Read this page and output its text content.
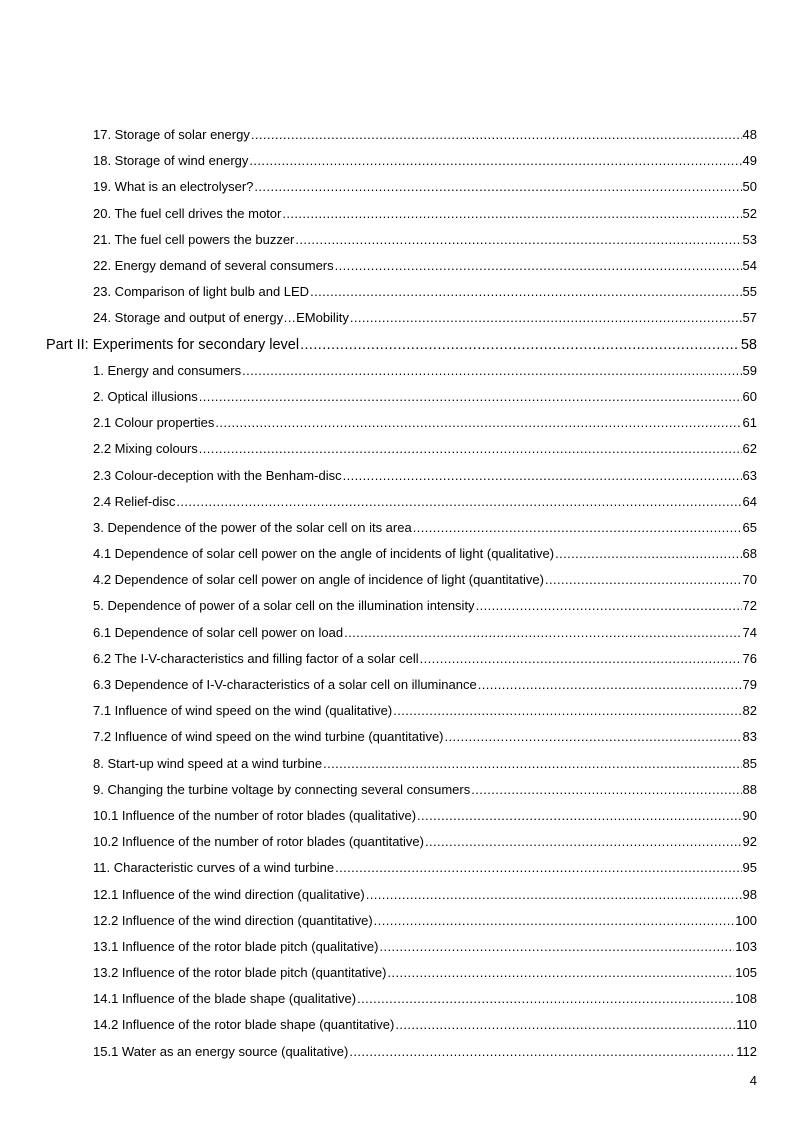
17. Storage of solar energy .....	48
18. Storage of wind energy .....	49
19. What is an electrolyser? .....	50
20. The fuel cell drives the motor .....	52
21. The fuel cell powers the buzzer .....	53
22. Energy demand of several consumers .....	54
23. Comparison of light bulb and LED .....	55
24. Storage and output of energy…EMobility .....	57
Part II: Experiments for secondary level .....	58
1. Energy and consumers .....	59
2. Optical illusions .....	60
2.1 Colour properties .....	61
2.2 Mixing colours .....	62
2.3 Colour-deception with the Benham-disc .....	63
2.4 Relief-disc .....	64
3. Dependence of the power of the solar cell on its area .....	65
4.1 Dependence of solar cell power on the angle of incidents of light (qualitative) .....	68
4.2 Dependence of solar cell power on angle of incidence of light (quantitative) .....	70
5. Dependence of power of a solar cell on the illumination intensity .....	72
6.1 Dependence of solar cell power on load .....	74
6.2 The I-V-characteristics and filling factor of a solar cell .....	76
6.3 Dependence of I-V-characteristics of a solar cell on illuminance .....	79
7.1 Influence of wind speed on the wind (qualitative) .....	82
7.2 Influence of wind speed on the wind turbine (quantitative) .....	83
8. Start-up wind speed at a wind turbine .....	85
9. Changing the turbine voltage by connecting several consumers .....	88
10.1 Influence of the number of rotor blades (qualitative) .....	90
10.2 Influence of the number of rotor blades (quantitative) .....	92
11. Characteristic curves of a wind turbine .....	95
12.1 Influence of the wind direction (qualitative) .....	98
12.2 Influence of the wind direction (quantitative) .....	100
13.1 Influence of the rotor blade pitch (qualitative) .....	103
13.2 Influence of the rotor blade pitch (quantitative) .....	105
14.1 Influence of the blade shape (qualitative) .....	108
14.2 Influence of the rotor blade shape (quantitative) .....	110
15.1 Water as an energy source (qualitative) .....	112
4
